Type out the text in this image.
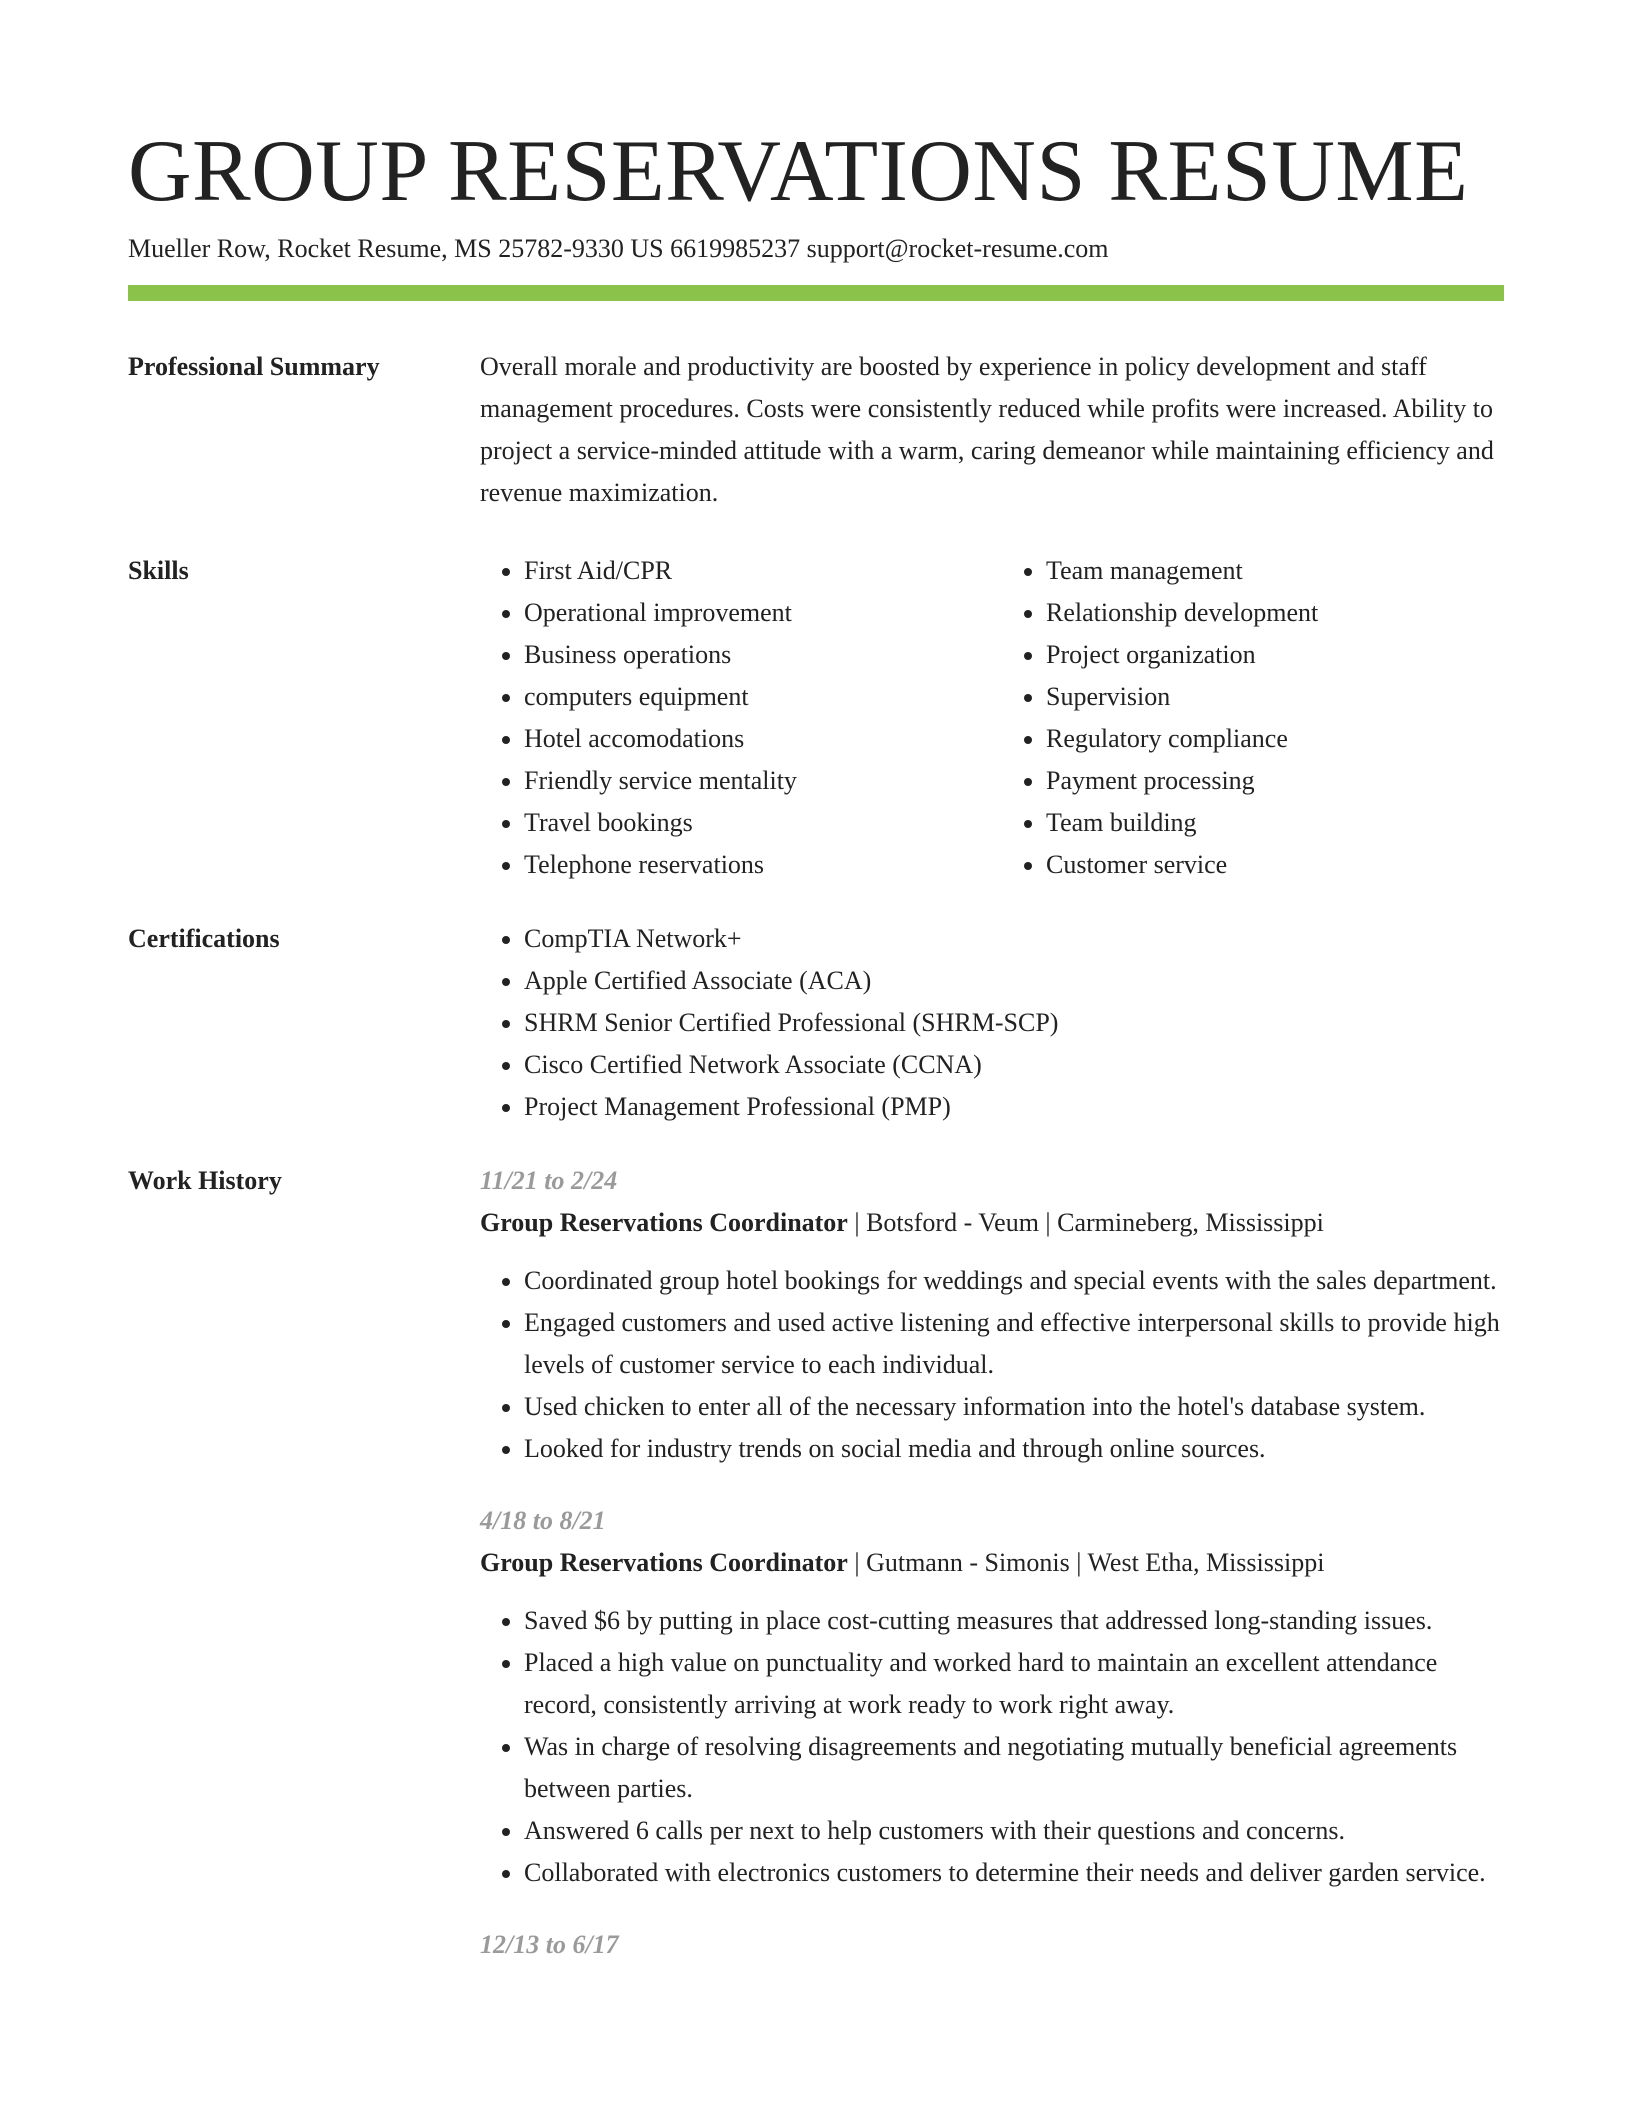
GROUP RESERVATIONS RESUME
Mueller Row, Rocket Resume, MS 25782-9330 US 6619985237 support@rocket-resume.com
Professional Summary	Overall morale and productivity are boosted by experience in policy development and staff management procedures. Costs were consistently reduced while profits were increased. Ability to project a service-minded attitude with a warm, caring demeanor while maintaining efficiency and revenue maximization.

Skills	• First Aid/CPR
• Operational improvement
• Business operations
• computers equipment
• Hotel accomodations
• Friendly service mentality
• Travel bookings
• Telephone reservations
• Team management
• Relationship development
• Project organization
• Supervision
• Regulatory compliance
• Payment processing
• Team building
• Customer service
Certifications	• CompTIA Network+
• Apple Certified Associate (ACA)
• SHRM Senior Certified Professional (SHRM-SCP)
• Cisco Certified Network Associate (CCNA)
• Project Management Professional (PMP)
Work History	11/21 to 2/24
Group Reservations Coordinator | Botsford - Veum | Carmineberg, Mississippi
• Coordinated group hotel bookings for weddings and special events with the sales department.
• Engaged customers and used active listening and effective interpersonal skills to provide high levels of customer service to each individual.
• Used chicken to enter all of the necessary information into the hotel's database system.
• Looked for industry trends on social media and through online sources.
4/18 to 8/21
Group Reservations Coordinator | Gutmann - Simonis | West Etha, Mississippi
• Saved $6 by putting in place cost-cutting measures that addressed long-standing issues.
• Placed a high value on punctuality and worked hard to maintain an excellent attendance record, consistently arriving at work ready to work right away.
• Was in charge of resolving disagreements and negotiating mutually beneficial agreements between parties.
• Answered 6 calls per next to help customers with their questions and concerns.
• Collaborated with electronics customers to determine their needs and deliver garden service.
12/13 to 6/17
